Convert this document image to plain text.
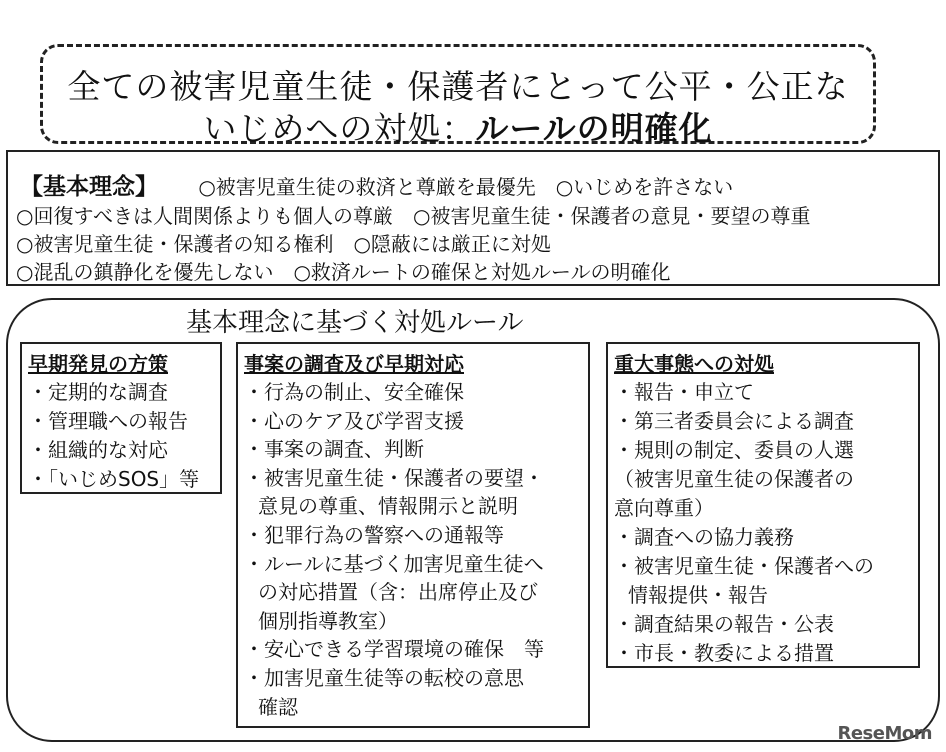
全ての被害児童生徒・保護者にとって公平・公正な
いじめへの対処：ルールの明確化
【基本理念】 ○被害児童生徒の救済と尊厳を最優先　○いじめを許さない
○回復すべきは人間関係よりも個人の尊厳　○被害児童生徒・保護者の意見・要望の尊重
○被害児童生徒・保護者の知る権利　○隠蔽には厳正に対処
○混乱の鎮静化を優先しない　○救済ルートの確保と対処ルールの明確化
基本理念に基づく対処ルール
早期発見の方策
・定期的な調査
・管理職への報告
・組織的な対応
・「いじめSOS」等
事案の調査及び早期対応
・行為の制止、安全確保
・心のケア及び学習支援
・事案の調査、判断
・被害児童生徒・保護者の要望・
意見の尊重、情報開示と説明
・犯罪行為の警察への通報等
・ルールに基づく加害児童生徒へ
の対応措置（含：出席停止及び
個別指導教室）
・安心できる学習環境の確保　等
・加害児童生徒等の転校の意思
確認
重大事態への対処
・報告・申立て
・第三者委員会による調査
・規則の制定、委員の人選
（被害児童生徒の保護者の
意向尊重）
・調査への協力義務
・被害児童生徒・保護者への
情報提供・報告
・調査結果の報告・公表
・市長・教委による措置
ReseMom
